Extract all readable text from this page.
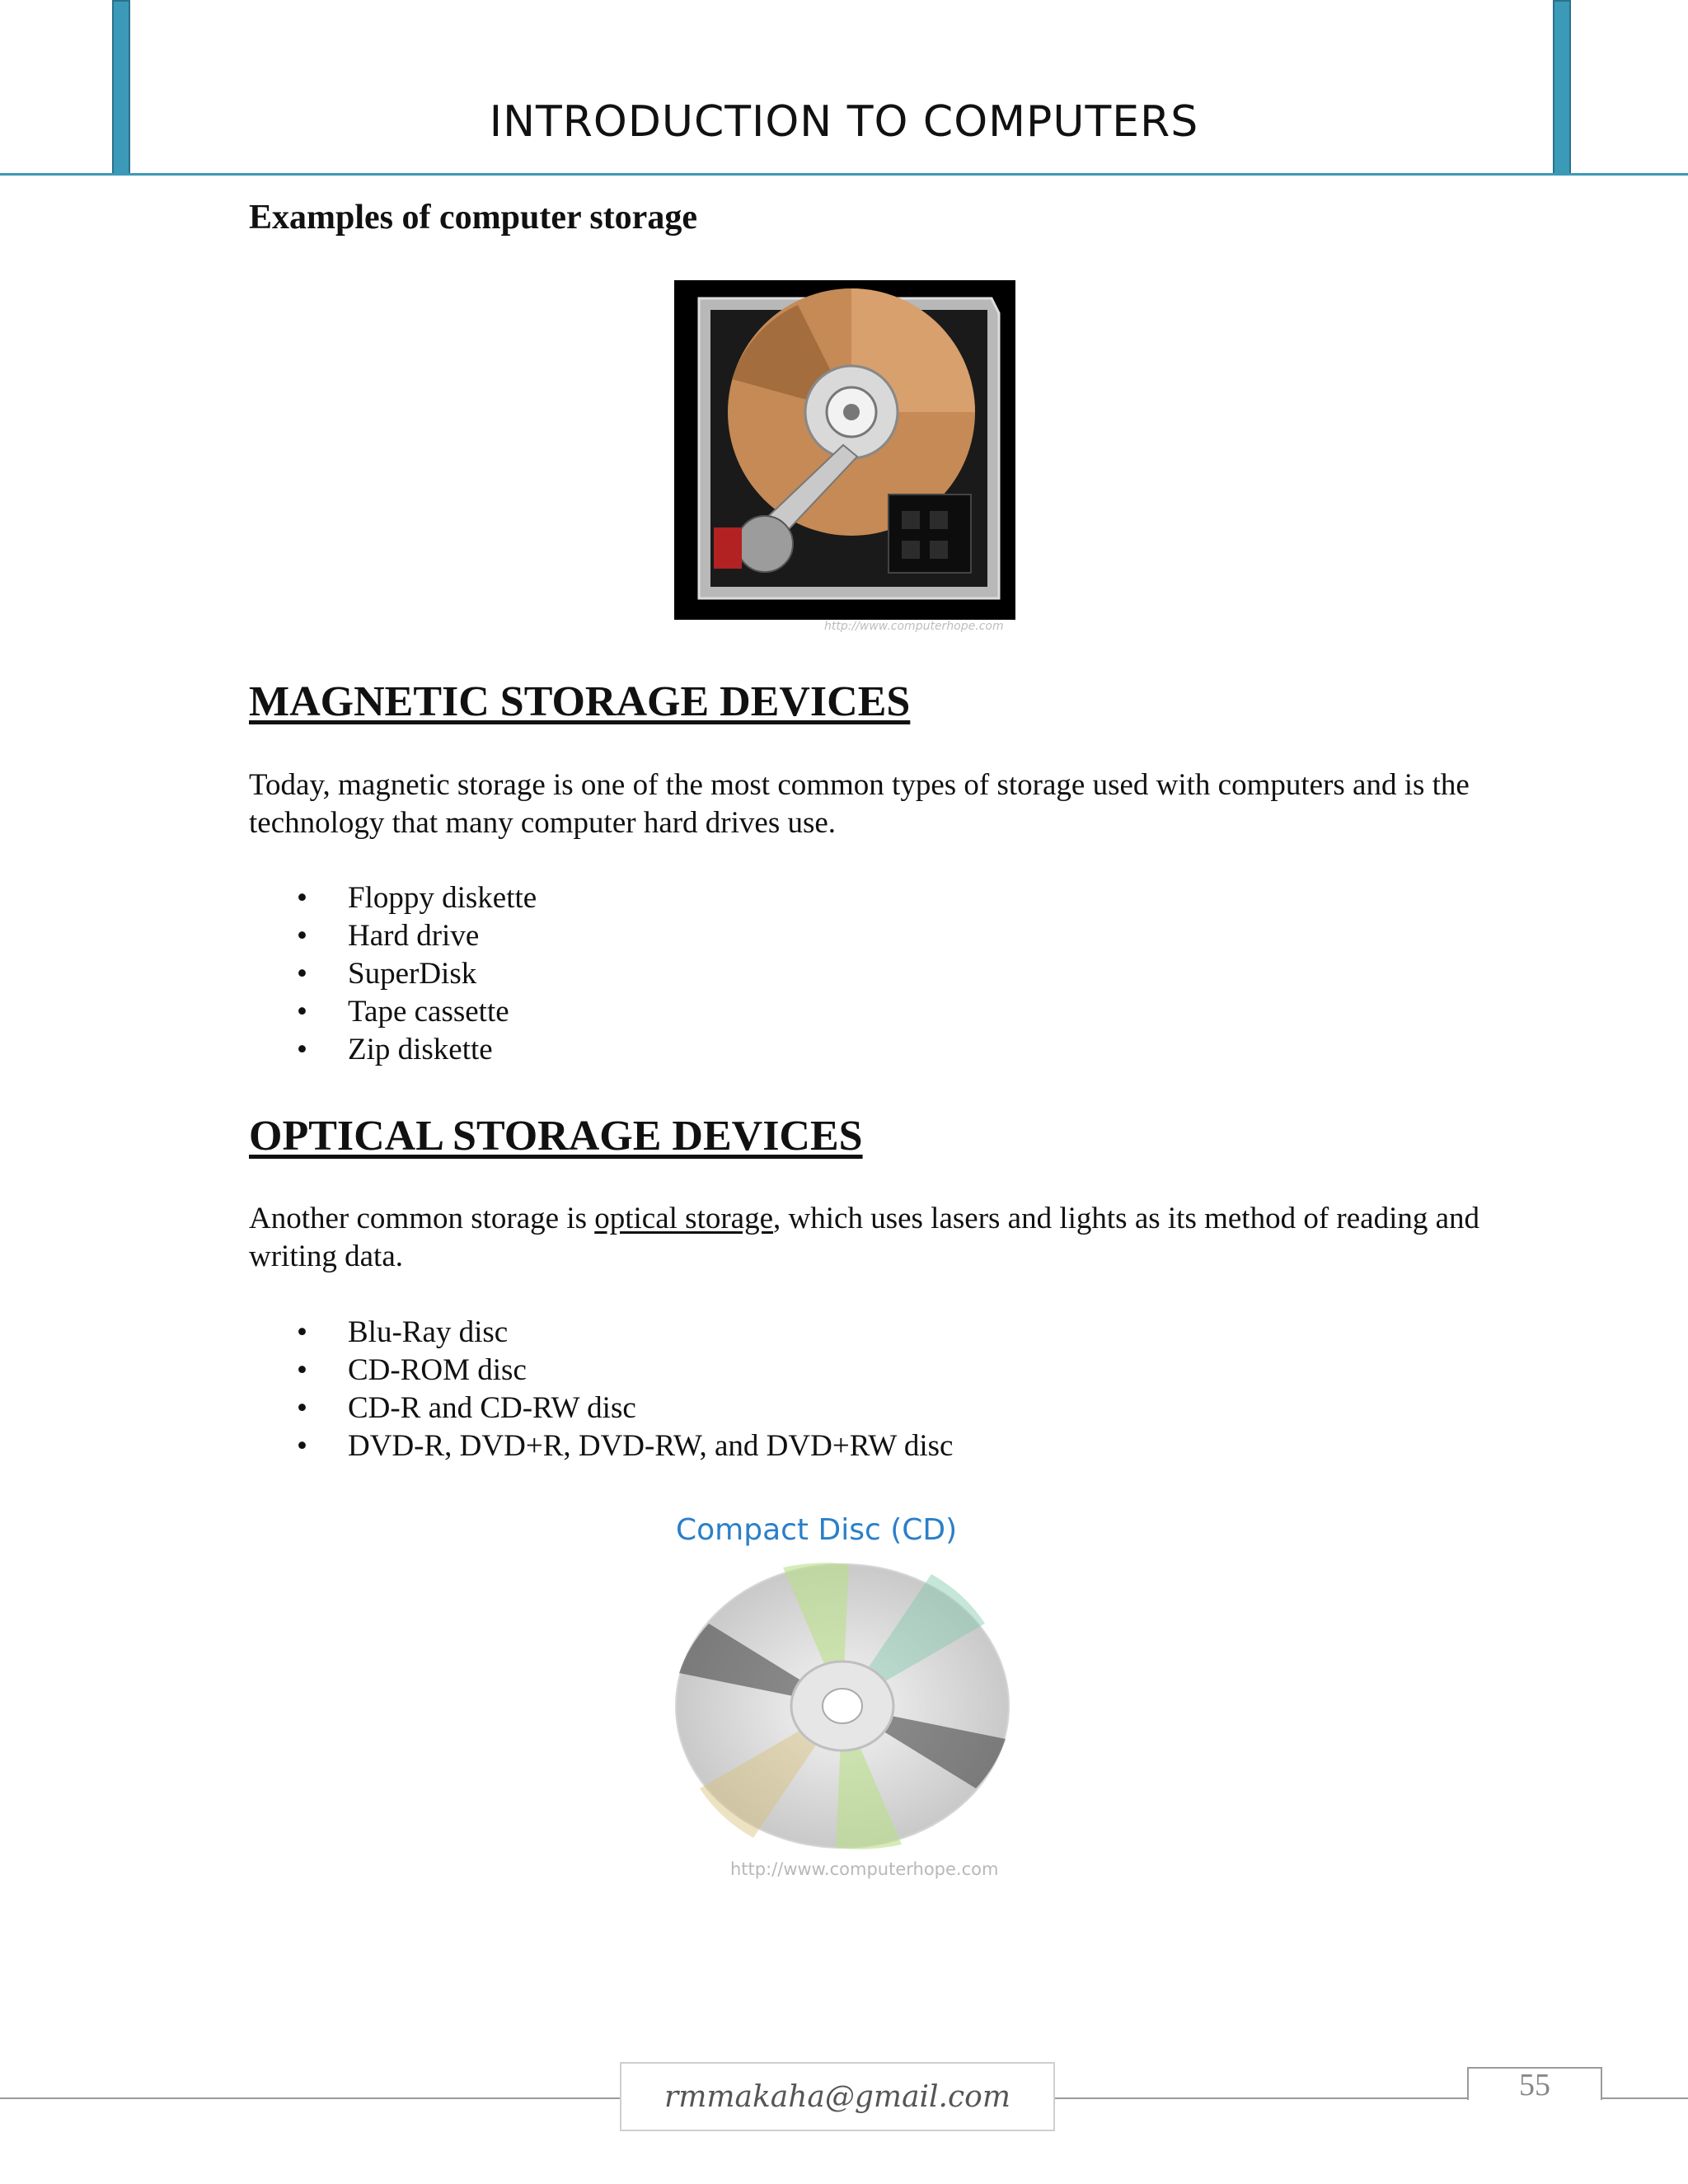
INTRODUCTION TO COMPUTERS
Examples of computer storage
http://www.computerhope.com
MAGNETIC STORAGE DEVICES
Today, magnetic storage is one of the most common types of storage used with computers and is the technology that many computer hard drives use.
• Floppy diskette
• Hard drive
• SuperDisk
• Tape cassette
• Zip diskette
OPTICAL STORAGE DEVICES
Another common storage is optical storage, which uses lasers and lights as its method of reading and writing data.
• Blu-Ray disc
• CD-ROM disc
• CD-R and CD-RW disc
• DVD-R, DVD+R, DVD-RW, and DVD+RW disc
Compact Disc (CD)
http://www.computerhope.com
rmmakaha@gmail.com	55
